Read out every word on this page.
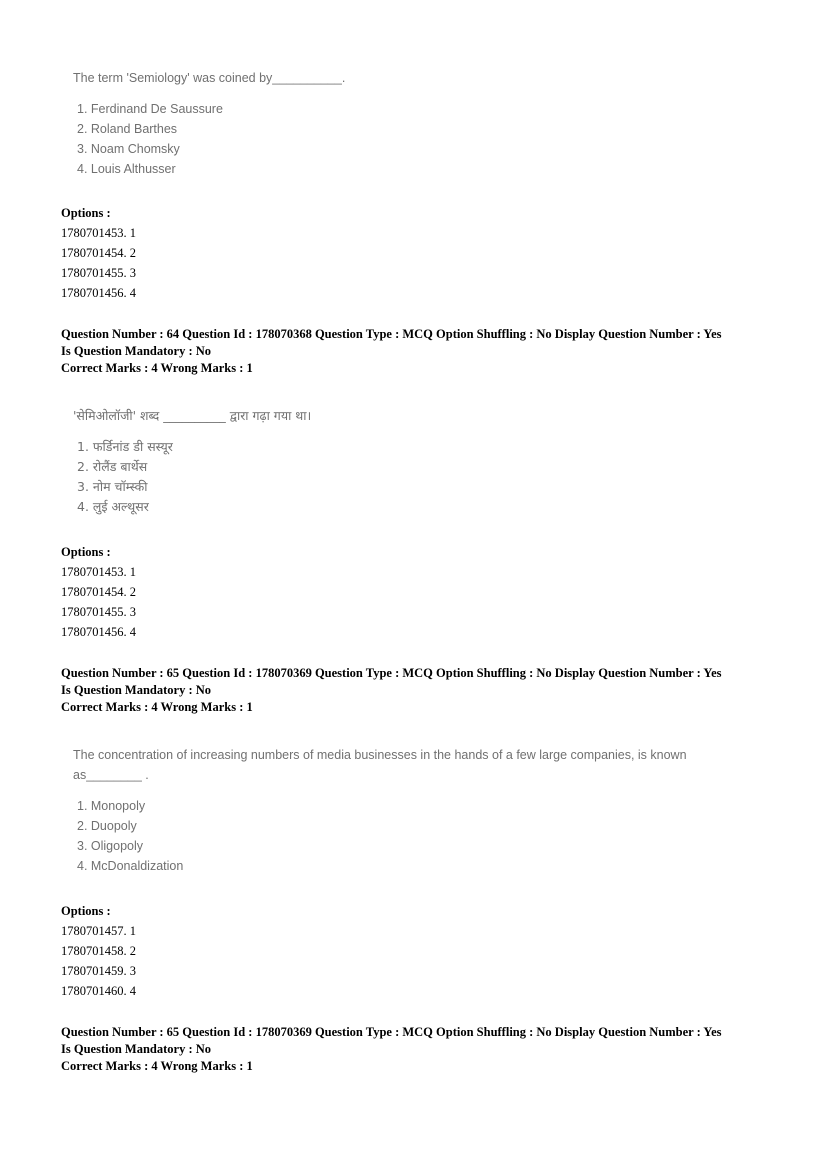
The term 'Semiology' was coined by__________.
1. Ferdinand De Saussure
2. Roland Barthes
3. Noam Chomsky
4. Louis Althusser
Options :
1780701453. 1
1780701454. 2
1780701455. 3
1780701456. 4
Question Number : 64 Question Id : 178070368 Question Type : MCQ Option Shuffling : No Display Question Number : Yes
Is Question Mandatory : No
Correct Marks : 4 Wrong Marks : 1
'सेमिओलॉजी' शब्द __________ द्वारा गढ़ा गया था।
1. फर्डिनांड डी सस्यूर
2. रोलैंड बार्थेस
3. नोम चॉम्स्की
4. लुई अल्थूसर
Options :
1780701453. 1
1780701454. 2
1780701455. 3
1780701456. 4
Question Number : 65 Question Id : 178070369 Question Type : MCQ Option Shuffling : No Display Question Number : Yes
Is Question Mandatory : No
Correct Marks : 4 Wrong Marks : 1
The concentration of increasing numbers of media businesses in the hands of a few large companies, is known as________ .
1. Monopoly
2. Duopoly
3. Oligopoly
4. McDonaldization
Options :
1780701457. 1
1780701458. 2
1780701459. 3
1780701460. 4
Question Number : 65 Question Id : 178070369 Question Type : MCQ Option Shuffling : No Display Question Number : Yes
Is Question Mandatory : No
Correct Marks : 4 Wrong Marks : 1
